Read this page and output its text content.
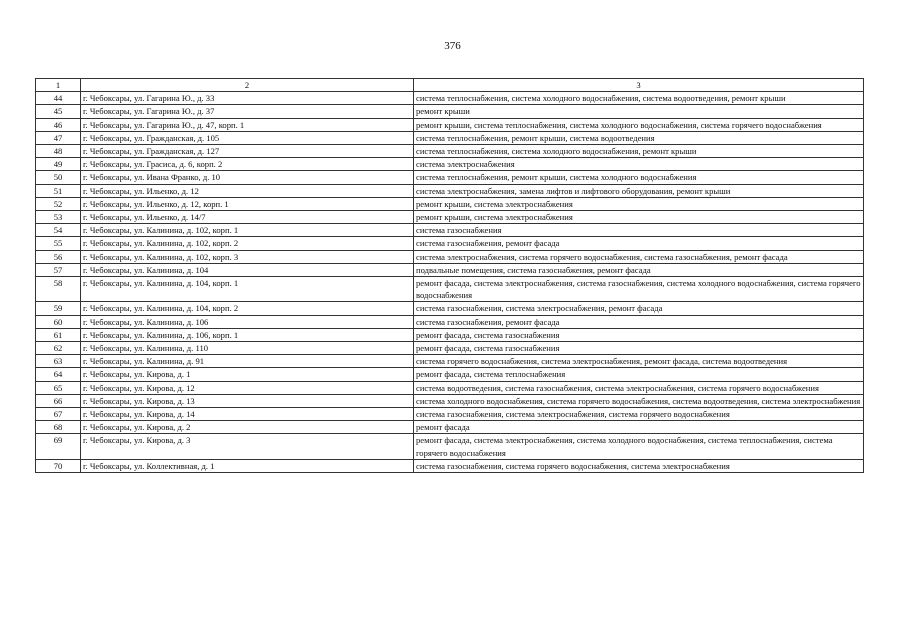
376
1	2	3
44	г. Чебоксары, ул. Гагарина Ю., д. 33	система теплоснабжения, система холодного водоснабжения, система водоотведения, ремонт крыши
45	г. Чебоксары, ул. Гагарина Ю., д. 37	ремонт крыши
46	г. Чебоксары, ул. Гагарина Ю., д. 47, корп. 1	ремонт крыши, система теплоснабжения, система холодного водоснабжения, система горячего водоснабжения
47	г. Чебоксары, ул. Гражданская, д. 105	система теплоснабжения, ремонт крыши, система водоотведения
48	г. Чебоксары, ул. Гражданская, д. 127	система теплоснабжения, система холодного водоснабжения, ремонт крыши
49	г. Чебоксары, ул. Грасиса, д. 6, корп. 2	система электроснабжения
50	г. Чебоксары, ул. Ивана Франко, д. 10	система теплоснабжения, ремонт крыши, система холодного водоснабжения
51	г. Чебоксары, ул. Ильенко, д. 12	система электроснабжения, замена лифтов и лифтового оборудования, ремонт крыши
52	г. Чебоксары, ул. Ильенко, д. 12, корп. 1	ремонт крыши, система электроснабжения
53	г. Чебоксары, ул. Ильенко, д. 14/7	ремонт крыши, система электроснабжения
54	г. Чебоксары, ул. Калинина, д. 102, корп. 1	система газоснабжения
55	г. Чебоксары, ул. Калинина, д. 102, корп. 2	система газоснабжения, ремонт фасада
56	г. Чебоксары, ул. Калинина, д. 102, корп. 3	система электроснабжения, система горячего водоснабжения, система газоснабжения, ремонт фасада
57	г. Чебоксары, ул. Калинина, д. 104	подвальные помещения, система газоснабжения, ремонт фасада
58	г. Чебоксары, ул. Калинина, д. 104, корп. 1	ремонт фасада, система электроснабжения, система газоснабжения, система холодного водоснабжения, система горячего водоснабжения
59	г. Чебоксары, ул. Калинина, д. 104, корп. 2	система газоснабжения, система электроснабжения, ремонт фасада
60	г. Чебоксары, ул. Калинина, д. 106	система газоснабжения, ремонт фасада
61	г. Чебоксары, ул. Калинина, д. 106, корп. 1	ремонт фасада, система газоснабжения
62	г. Чебоксары, ул. Калинина, д. 110	ремонт фасада, система газоснабжения
63	г. Чебоксары, ул. Калинина, д. 91	система горячего водоснабжения, система электроснабжения, ремонт фасада, система водоотведения
64	г. Чебоксары, ул. Кирова, д. 1	ремонт фасада, система теплоснабжения
65	г. Чебоксары, ул. Кирова, д. 12	система водоотведения, система газоснабжения, система электроснабжения, система горячего водоснабжения
66	г. Чебоксары, ул. Кирова, д. 13	система холодного водоснабжения, система горячего водоснабжения, система водоотведения, система электроснабжения
67	г. Чебоксары, ул. Кирова, д. 14	система газоснабжения, система электроснабжения, система горячего водоснабжения
68	г. Чебоксары, ул. Кирова, д. 2	ремонт фасада
69	г. Чебоксары, ул. Кирова, д. 3	ремонт фасада, система электроснабжения, система холодного водоснабжения, система теплоснабжения, система горячего водоснабжения
70	г. Чебоксары, ул. Коллективная, д. 1	система газоснабжения, система горячего водоснабжения, система электроснабжения
